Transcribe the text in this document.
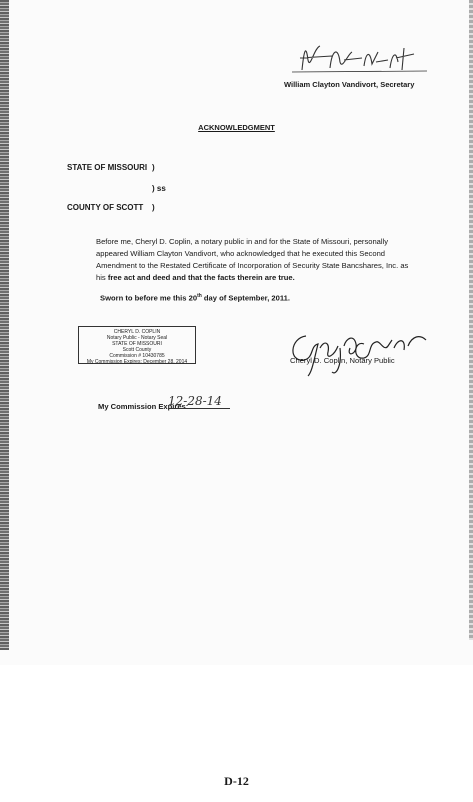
William Clayton Vandivort, Secretary
ACKNOWLEDGMENT
STATE OF MISSOURI )
) ss
COUNTY OF SCOTT )
Before me, Cheryl D. Coplin, a notary public in and for the State of Missouri, personally appeared William Clayton Vandivort, who acknowledged that he executed this Second Amendment to the Restated Certificate of Incorporation of Security State Bancshares, Inc. as his free act and deed and that the facts therein are true.
Sworn to before me this 20th day of September, 2011.
CHERYL D. COPLIN
Notary Public - Notary Seal
STATE OF MISSOURI
Scott County
Commission # 10430785
My Commission Expires: December 28, 2014	Cheryl D. Coplin, Notary Public
My Commission Expires:
12-28-14
D-12
